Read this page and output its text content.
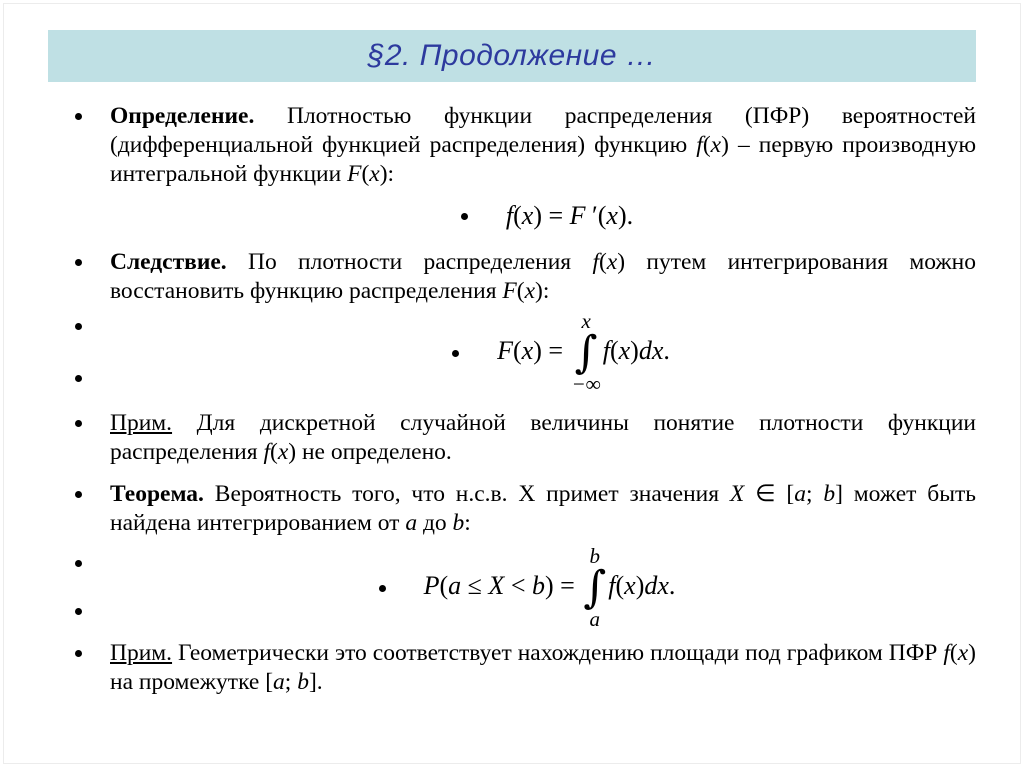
§2. Продолжение …
Определение. Плотностью функции распределения (ПФР) вероятностей (дифференциальной функцией распределения) функцию f(x) – первую производную интегральной функции F(x):
f(x) = F ′(x).
Следствие. По плотности распределения f(x) путем интегрирования можно восстановить функцию распределения F(x):
F(x) =
x
∫
−∞
f(x)dx.
Прим. Для дискретной случайной величины понятие плотности функции распределения f(x) не определено.
Теорема. Вероятность того, что н.с.в. X примет значения X ∈ [a; b] может быть найдена интегрированием от a до b:
P(a ≤ X < b) =
b
∫
a
f(x)dx.
Прим. Геометрически это соответствует нахождению площади под графиком ПФР f(x) на промежутке [a; b].
